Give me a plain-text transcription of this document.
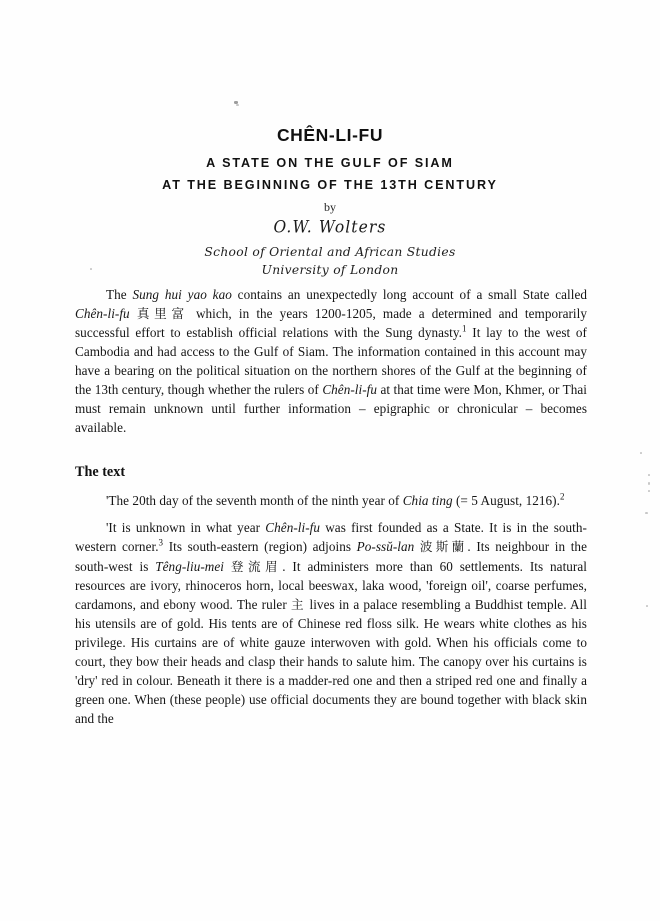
CHÊN-LI-FU
A STATE ON THE GULF OF SIAM
AT THE BEGINNING OF THE 13TH CENTURY
by
O.W. Wolters
School of Oriental and African Studies
University of London

The Sung hui yao kao contains an unexpectedly long account of a small State called Chên-li-fu 真里富 which, in the years 1200-1205, made a determined and temporarily successful effort to establish official relations with the Sung dynasty.$^1$ It lay to the west of Cambodia and had access to the Gulf of Siam. The information contained in this account may have a bearing on the political situation on the northern shores of the Gulf at the beginning of the 13th century, though whether the rulers of Chên-li-fu at that time were Mon, Khmer, or Thai must remain unknown until further information – epigraphic or chronicular – becomes available.

The text

'The 20th day of the seventh month of the ninth year of Chia ting (= 5 August, 1216).$^2$

'It is unknown in what year Chên-li-fu was first founded as a State. It is in the south-western corner.$^3$ Its south-eastern (region) adjoins Po-ssŭ-lan 波斯蘭. Its neighbour in the south-west is Têng-liu-mei 登流眉. It administers more than 60 settlements. Its natural resources are ivory, rhinoceros horn, local beeswax, laka wood, 'foreign oil', coarse perfumes, cardamons, and ebony wood. The ruler 主 lives in a palace resembling a Buddhist temple. All his utensils are of gold. His tents are of Chinese red floss silk. He wears white clothes as his privilege. His curtains are of white gauze interwoven with gold. When his officials come to court, they bow their heads and clasp their hands to salute him. The canopy over his curtains is 'dry' red in colour. Beneath it there is a madder-red one and then a striped red one and finally a green one. When (these people) use official documents they are bound together with black skin and the
